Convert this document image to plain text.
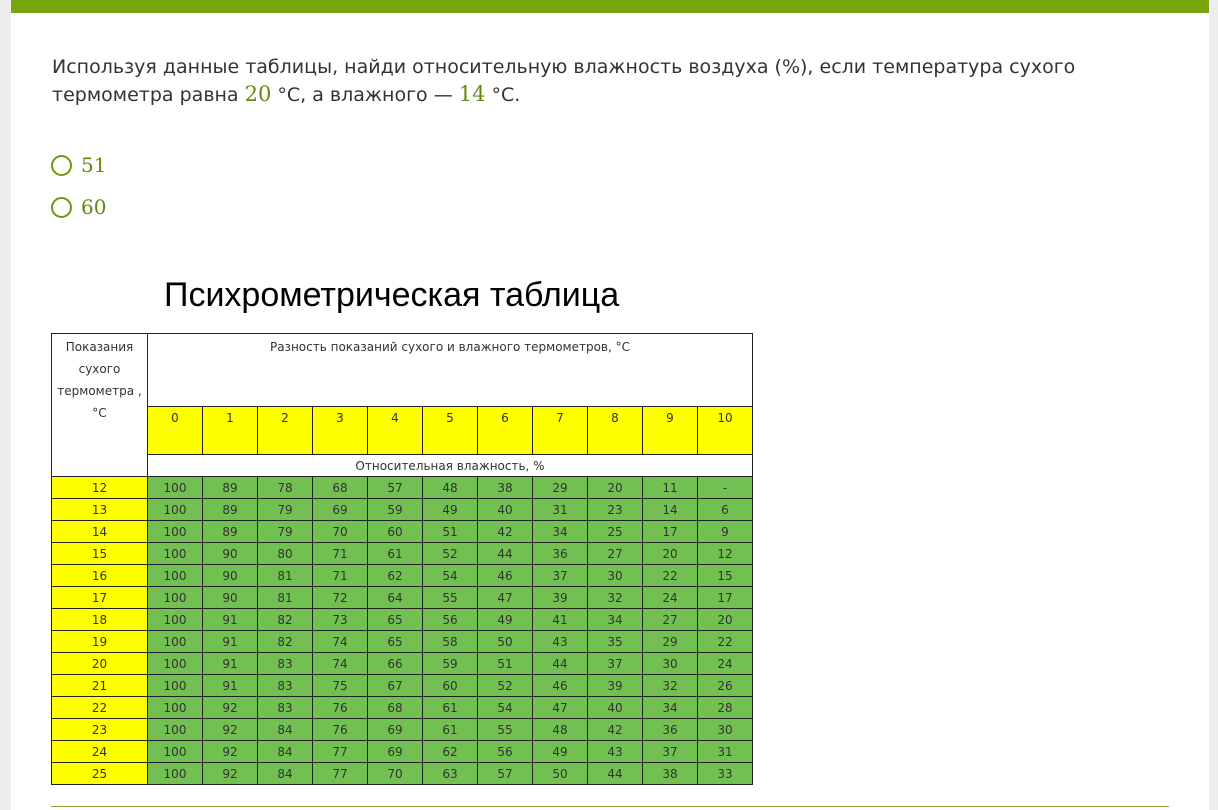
Используя данные таблицы, найди относительную влажность воздуха (%), если температура сухого термометра равна 20 °С, а влажного — 14 °С.
51
60
Психрометрическая таблица
Показания сухого термометра , °С	Разность показаний сухого и влажного термометров, °С										
	0	1	2	3	4	5	6	7	8	9	10
	Относительная влажность, %										
12	100	89	78	68	57	48	38	29	20	11	-
13	100	89	79	69	59	49	40	31	23	14	6
14	100	89	79	70	60	51	42	34	25	17	9
15	100	90	80	71	61	52	44	36	27	20	12
16	100	90	81	71	62	54	46	37	30	22	15
17	100	90	81	72	64	55	47	39	32	24	17
18	100	91	82	73	65	56	49	41	34	27	20
19	100	91	82	74	65	58	50	43	35	29	22
20	100	91	83	74	66	59	51	44	37	30	24
21	100	91	83	75	67	60	52	46	39	32	26
22	100	92	83	76	68	61	54	47	40	34	28
23	100	92	84	76	69	61	55	48	42	36	30
24	100	92	84	77	69	62	56	49	43	37	31
25	100	92	84	77	70	63	57	50	44	38	33
